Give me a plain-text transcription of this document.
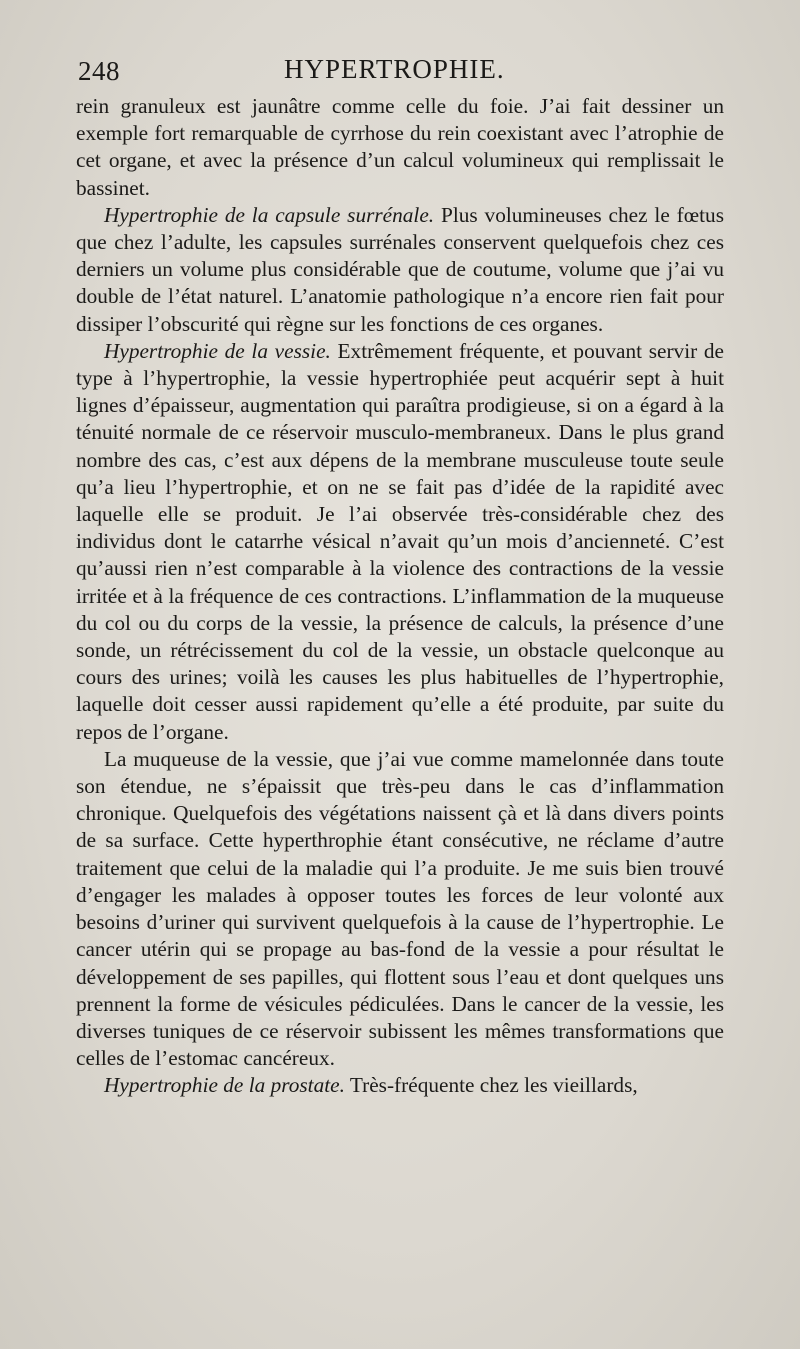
248	HYPERTROPHIE.

rein granuleux est jaunâtre comme celle du foie. J’ai fait dessiner un exemple fort remarquable de cyrrhose du rein coexistant avec l’atrophie de cet organe, et avec la présence d’un calcul volumineux qui remplissait le bassinet.

Hypertrophie de la capsule surrénale. Plus volumineuses chez le fœtus que chez l’adulte, les capsules surrénales conservent quelquefois chez ces derniers un volume plus considérable que de coutume, volume que j’ai vu double de l’état naturel. L’anatomie pathologique n’a encore rien fait pour dissiper l’obscurité qui règne sur les fonctions de ces organes.

Hypertrophie de la vessie. Extrêmement fréquente, et pouvant servir de type à l’hypertrophie, la vessie hypertrophiée peut acquérir sept à huit lignes d’épaisseur, augmentation qui paraîtra prodigieuse, si on a égard à la ténuité normale de ce réservoir musculo-membraneux. Dans le plus grand nombre des cas, c’est aux dépens de la membrane musculeuse toute seule qu’a lieu l’hypertrophie, et on ne se fait pas d’idée de la rapidité avec laquelle elle se produit. Je l’ai observée très-considérable chez des individus dont le catarrhe vésical n’avait qu’un mois d’ancienneté. C’est qu’aussi rien n’est comparable à la violence des contractions de la vessie irritée et à la fréquence de ces contractions. L’inflammation de la muqueuse du col ou du corps de la vessie, la présence de calculs, la présence d’une sonde, un rétrécissement du col de la vessie, un obstacle quelconque au cours des urines; voilà les causes les plus habituelles de l’hypertrophie, laquelle doit cesser aussi rapidement qu’elle a été produite, par suite du repos de l’organe.

La muqueuse de la vessie, que j’ai vue comme mamelonnée dans toute son étendue, ne s’épaissit que très-peu dans le cas d’inflammation chronique. Quelquefois des végétations naissent çà et là dans divers points de sa surface. Cette hyperthrophie étant consécutive, ne réclame d’autre traitement que celui de la maladie qui l’a produite. Je me suis bien trouvé d’engager les malades à opposer toutes les forces de leur volonté aux besoins d’uriner qui survivent quelquefois à la cause de l’hypertrophie. Le cancer utérin qui se propage au bas-fond de la vessie a pour résultat le développement de ses papilles, qui flottent sous l’eau et dont quelques uns prennent la forme de vésicules pédiculées. Dans le cancer de la vessie, les diverses tuniques de ce réservoir subissent les mêmes transformations que celles de l’estomac cancéreux.

Hypertrophie de la prostate. Très-fréquente chez les vieillards,
